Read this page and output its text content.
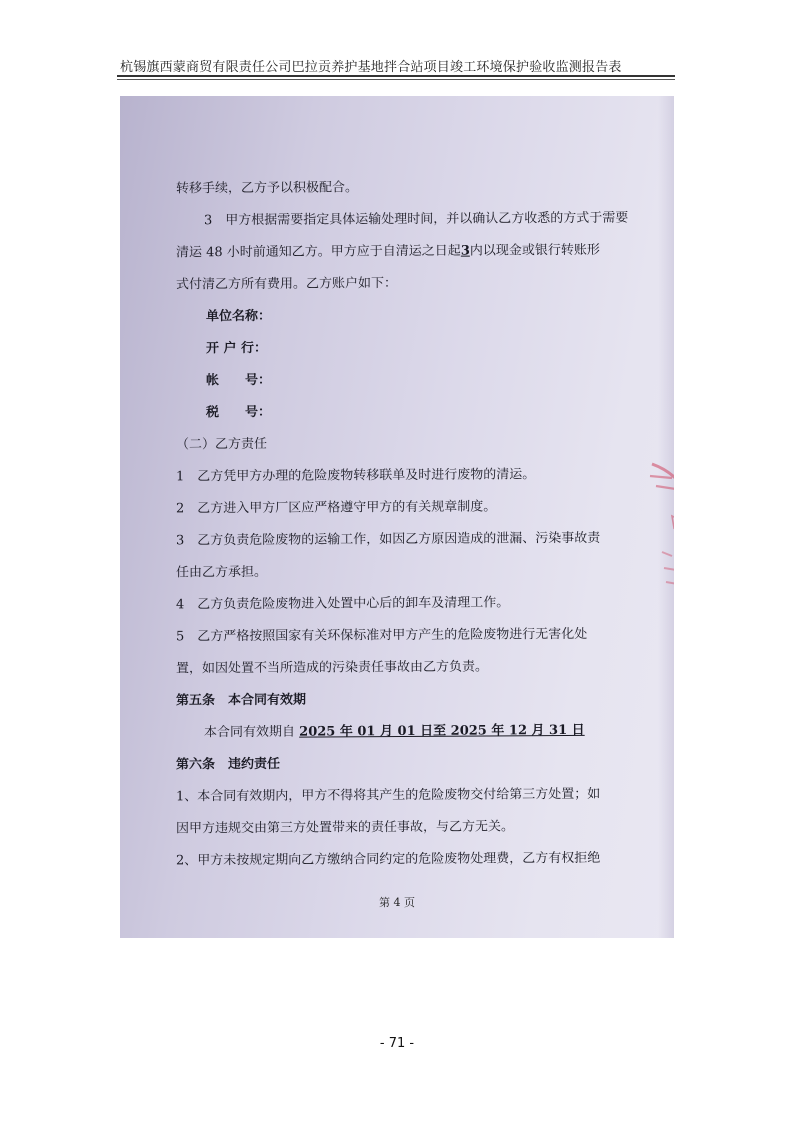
杭锡旗西蒙商贸有限责任公司巴拉贡养护基地拌合站项目竣工环境保护验收监测报告表
转移手续，乙方予以积极配合。
3　甲方根据需要指定具体运输处理时间，并以确认乙方收悉的方式于需要
清运 48 小时前通知乙方。甲方应于自清运之日起3内以现金或银行转账形
式付清乙方所有费用。乙方账户如下：
单位名称：
开 户 行：
帐　　号：
税　　号：
（二）乙方责任
1　乙方凭甲方办理的危险废物转移联单及时进行废物的清运。
2　乙方进入甲方厂区应严格遵守甲方的有关规章制度。
3　乙方负责危险废物的运输工作，如因乙方原因造成的泄漏、污染事故责
任由乙方承担。
4　乙方负责危险废物进入处置中心后的卸车及清理工作。
5　乙方严格按照国家有关环保标准对甲方产生的危险废物进行无害化处
置，如因处置不当所造成的污染责任事故由乙方负责。
第五条　本合同有效期
本合同有效期自 2025 年 01 月 01 日至 2025 年 12 月 31 日
第六条　违约责任
1、本合同有效期内，甲方不得将其产生的危险废物交付给第三方处置；如
因甲方违规交由第三方处置带来的责任事故，与乙方无关。
2、甲方未按规定期向乙方缴纳合同约定的危险废物处理费，乙方有权拒绝
第 4 页
- 71 -
